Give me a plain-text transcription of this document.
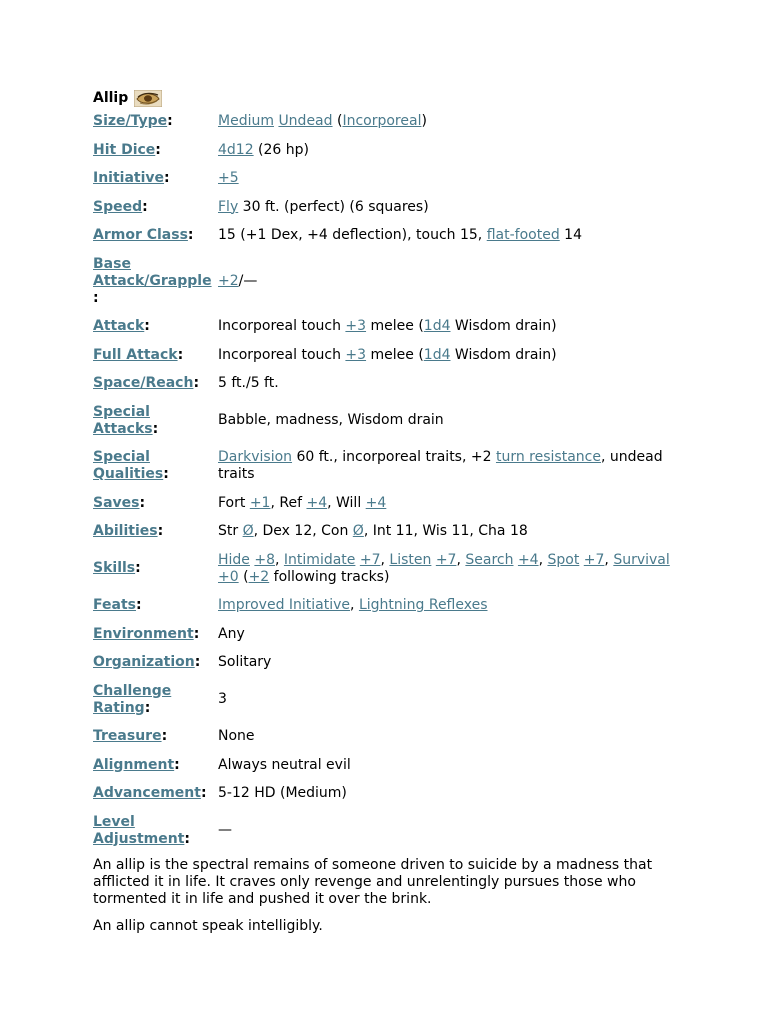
Allip
Size/Type:	Medium Undead (Incorporeal)

Hit Dice:	4d12 (26 hp)

Initiative:	+5

Speed:	Fly 30 ft. (perfect) (6 squares)

Armor Class:	15 (+1 Dex, +4 deflection), touch 15, flat-footed 14

Base
Attack/Grapple
:	+2/—

Attack:	Incorporeal touch +3 melee (1d4 Wisdom drain)

Full Attack:	Incorporeal touch +3 melee (1d4 Wisdom drain)

Space/Reach:	5 ft./5 ft.

Special
Attacks:	Babble, madness, Wisdom drain

Special
Qualities:	Darkvision 60 ft., incorporeal traits, +2 turn resistance, undead traits

Saves:	Fort +1, Ref +4, Will +4

Abilities:	Str Ø, Dex 12, Con Ø, Int 11, Wis 11, Cha 18

Skills:	Hide +8, Intimidate +7, Listen +7, Search +4, Spot +7, Survival +0 (+2 following tracks)

Feats:	Improved Initiative, Lightning Reflexes

Environment:	Any

Organization:	Solitary

Challenge
Rating:	3

Treasure:	None

Alignment:	Always neutral evil

Advancement:	5-12 HD (Medium)

Level
Adjustment:	—

An allip is the spectral remains of someone driven to suicide by a madness that afflicted it in life. It craves only revenge and unrelentingly pursues those who tormented it in life and pushed it over the brink.

An allip cannot speak intelligibly.
